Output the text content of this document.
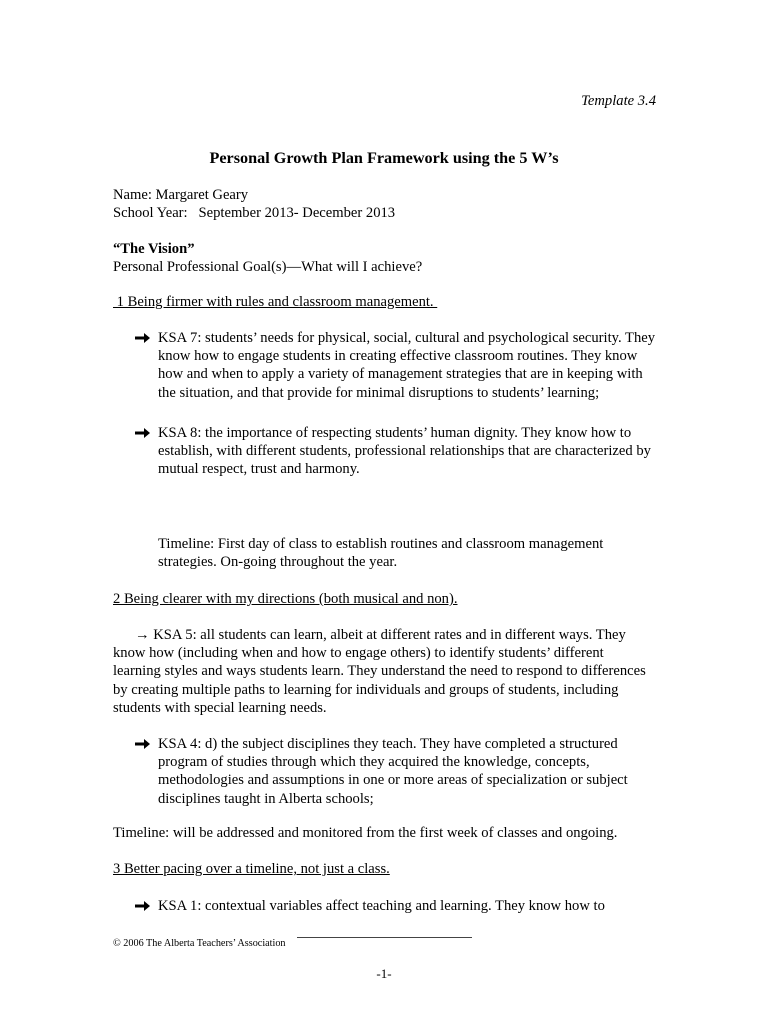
Template 3.4
Personal Growth Plan Framework using the 5 W’s
Name: Margaret Geary
School Year:   September 2013- December 2013
“The Vision”
Personal Professional Goal(s)—What will I achieve?
1 Being firmer with rules and classroom management.
KSA 7: students’ needs for physical, social, cultural and psychological security. They know how to engage students in creating effective classroom routines. They know how and when to apply a variety of management strategies that are in keeping with the situation, and that provide for minimal disruptions to students’ learning;
KSA 8: the importance of respecting students’ human dignity. They know how to establish, with different students, professional relationships that are characterized by mutual respect, trust and harmony.
Timeline: First day of class to establish routines and classroom management strategies. On-going throughout the year.
2 Being clearer with my directions (both musical and non).
→ KSA 5: all students can learn, albeit at different rates and in different ways. They know how (including when and how to engage others) to identify students’ different learning styles and ways students learn. They understand the need to respond to differences by creating multiple paths to learning for individuals and groups of students, including students with special learning needs.
KSA 4: d) the subject disciplines they teach. They have completed a structured program of studies through which they acquired the knowledge, concepts, methodologies and assumptions in one or more areas of specialization or subject disciplines taught in Alberta schools;
Timeline: will be addressed and monitored from the first week of classes and ongoing.
3 Better pacing over a timeline, not just a class.
KSA 1: contextual variables affect teaching and learning. They know how to
© 2006 The Alberta Teachers’ Association
-1-
